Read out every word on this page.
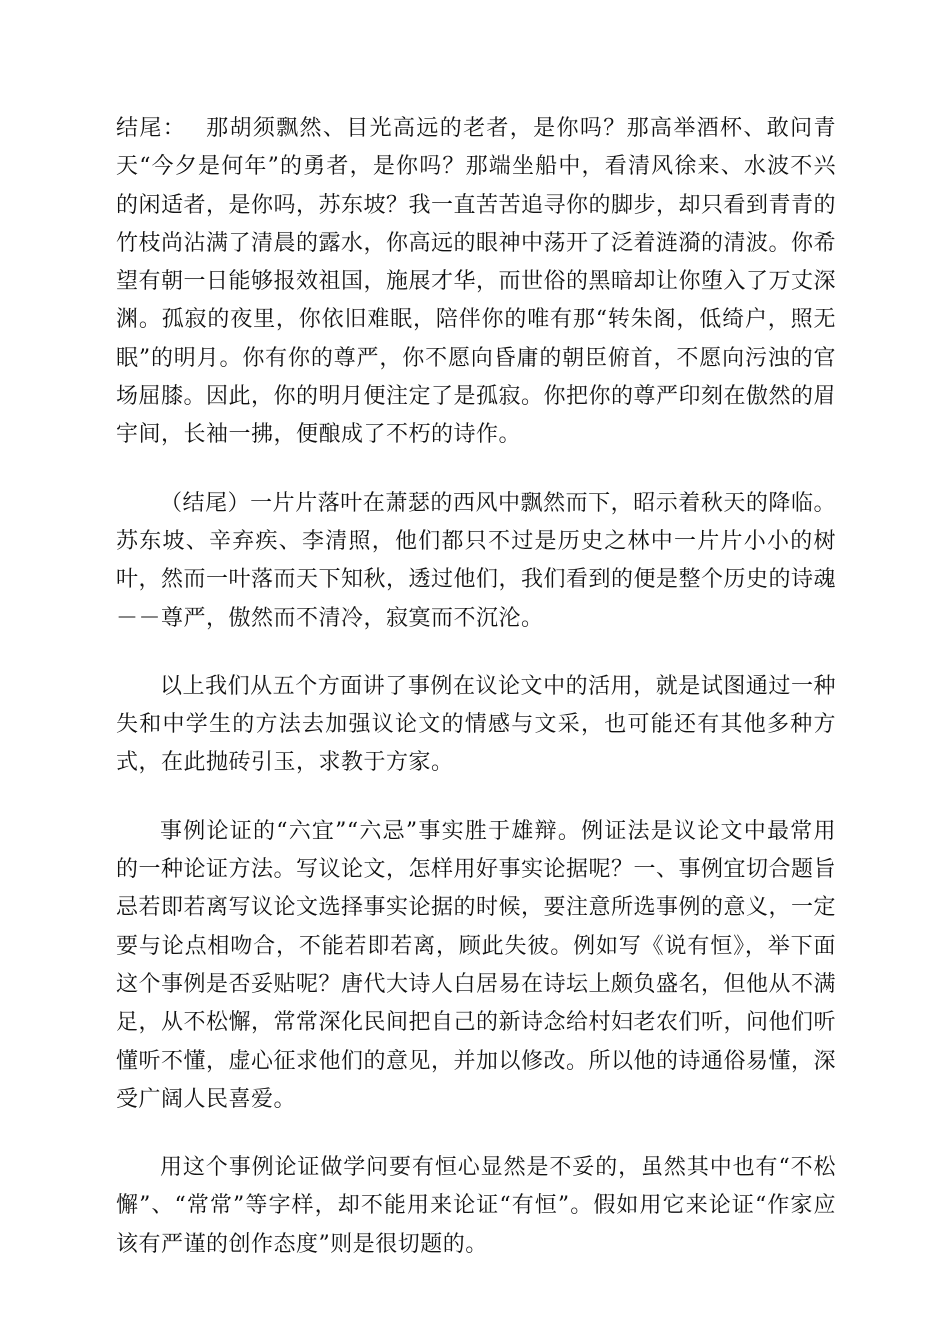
结尾： 那胡须飘然、目光高远的老者，是你吗？那高举酒杯、敢问青天“今夕是何年”的勇者，是你吗？那端坐船中，看清风徐来、水波不兴的闲适者，是你吗，苏东坡？我一直苦苦追寻你的脚步，却只看到青青的竹枝尚沾满了清晨的露水，你高远的眼神中荡开了泛着涟漪的清波。你希望有朝一日能够报效祖国，施展才华，而世俗的黑暗却让你堕入了万丈深渊。孤寂的夜里，你依旧难眠，陪伴你的唯有那“转朱阁，低绮户，照无眠”的明月。你有你的尊严，你不愿向昏庸的朝臣俯首，不愿向污浊的官场屈膝。因此，你的明月便注定了是孤寂。你把你的尊严印刻在傲然的眉宇间，长袖一拂，便酿成了不朽的诗作。

（结尾）一片片落叶在萧瑟的西风中飘然而下，昭示着秋天的降临。苏东坡、辛弃疾、李清照，他们都只不过是历史之林中一片片小小的树叶，然而一叶落而天下知秋，透过他们，我们看到的便是整个历史的诗魂－－尊严，傲然而不清冷，寂寞而不沉沦。

以上我们从五个方面讲了事例在议论文中的活用，就是试图通过一种失和中学生的方法去加强议论文的情感与文采，也可能还有其他多种方式，在此抛砖引玉，求教于方家。

事例论证的“六宜”“六忌”事实胜于雄辩。例证法是议论文中最常用的一种论证方法。写议论文，怎样用好事实论据呢？一、事例宜切合题旨忌若即若离写议论文选择事实论据的时候，要注意所选事例的意义，一定要与论点相吻合，不能若即若离，顾此失彼。例如写《说有恒》，举下面这个事例是否妥贴呢？唐代大诗人白居易在诗坛上颇负盛名，但他从不满足，从不松懈，常常深化民间把自己的新诗念给村妇老农们听，问他们听懂听不懂，虚心征求他们的意见，并加以修改。所以他的诗通俗易懂，深受广阔人民喜爱。

用这个事例论证做学问要有恒心显然是不妥的，虽然其中也有“不松懈”、“常常”等字样，却不能用来论证“有恒”。假如用它来论证“作家应该有严谨的创作态度”则是很切题的。
